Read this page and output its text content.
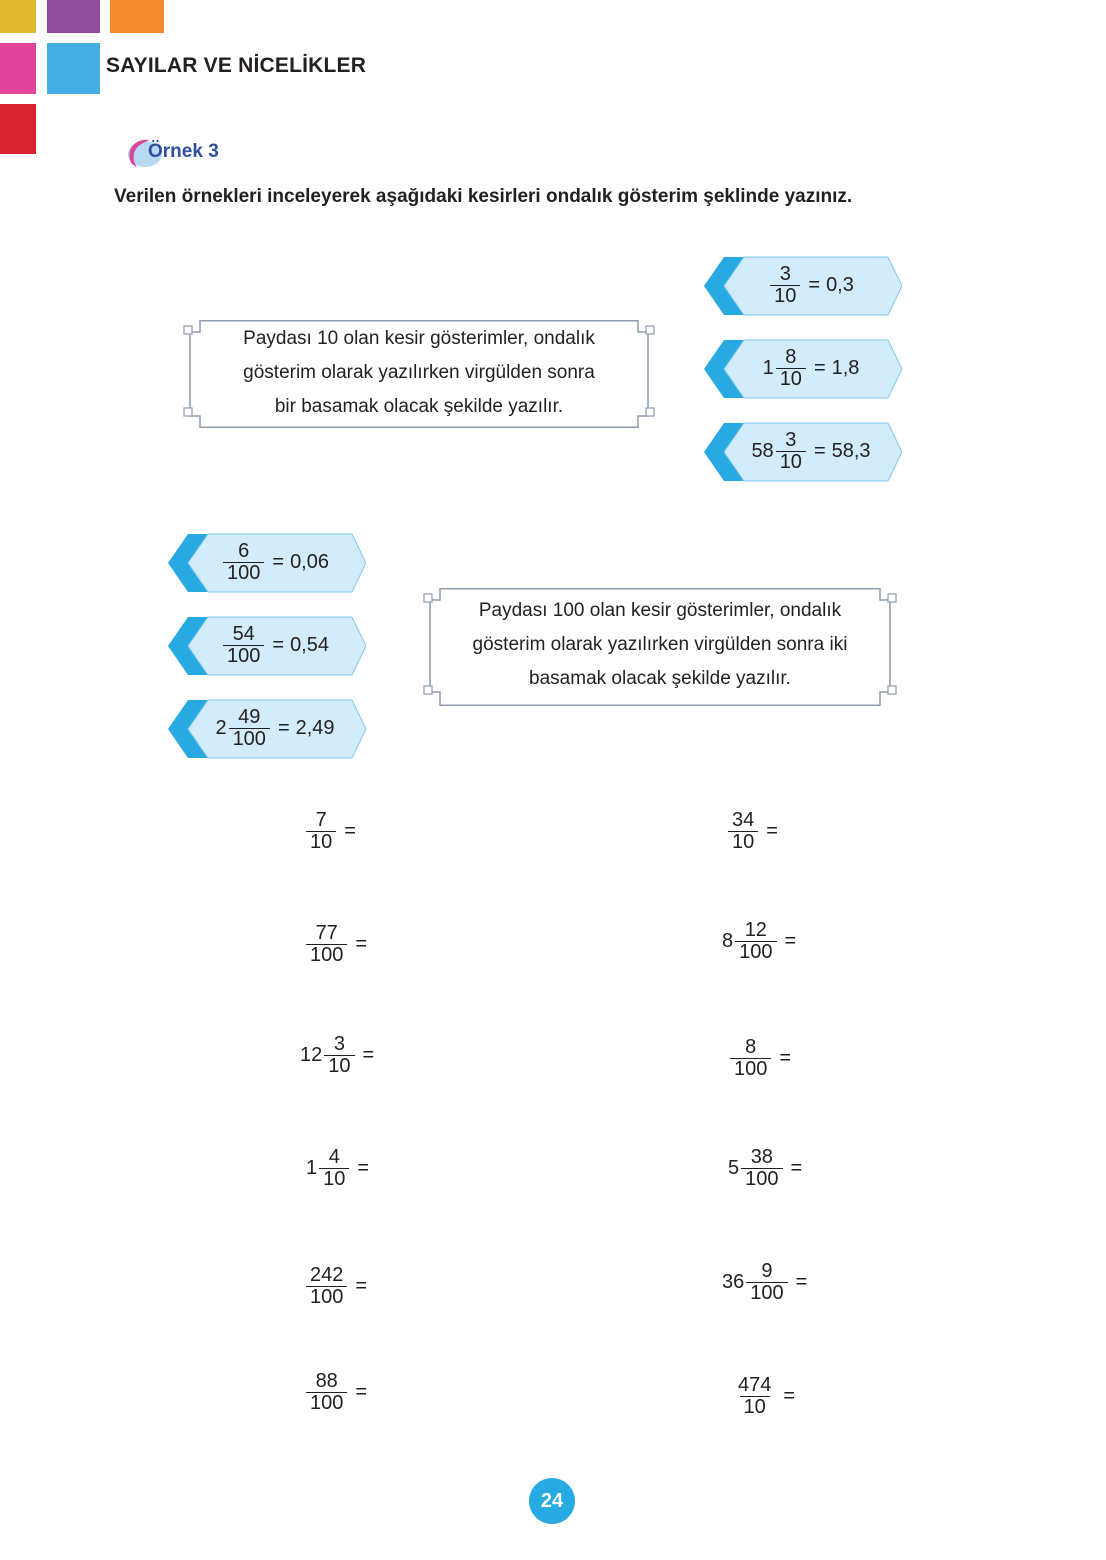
SAYILAR VE NİCELİKLER
Örnek 3
Verilen örnekleri inceleyerek aşağıdaki kesirleri ondalık gösterim şeklinde yazınız.
Paydası 10 olan kesir gösterimler, ondalık
gösterim olarak yazılırken virgülden sonra
bir basamak olacak şekilde yazılır.
Paydası 100 olan kesir gösterimler, ondalık
gösterim olarak yazılırken virgülden sonra iki
basamak olacak şekilde yazılır.
$\frac{3}{10} = 0,3$
$1 \frac{8}{10} = 1,8$
$58 \frac{3}{10} = 58,3$
$\frac{6}{100} = 0,06$
$\frac{54}{100} = 0,54$
$2 \frac{49}{100} = 2,49$
$\frac{7}{10}$ =
$\frac{77}{100}$ =
$12 \frac{3}{10}$ =
$1 \frac{4}{10}$ =
$\frac{242}{100}$ =
$\frac{88}{100}$ =
$\frac{34}{10}$ =
$8 \frac{12}{100}$ =
$\frac{8}{100}$ =
$5 \frac{38}{100}$ =
$36 \frac{9}{100}$ =
$\frac{474}{10}$ =
24
